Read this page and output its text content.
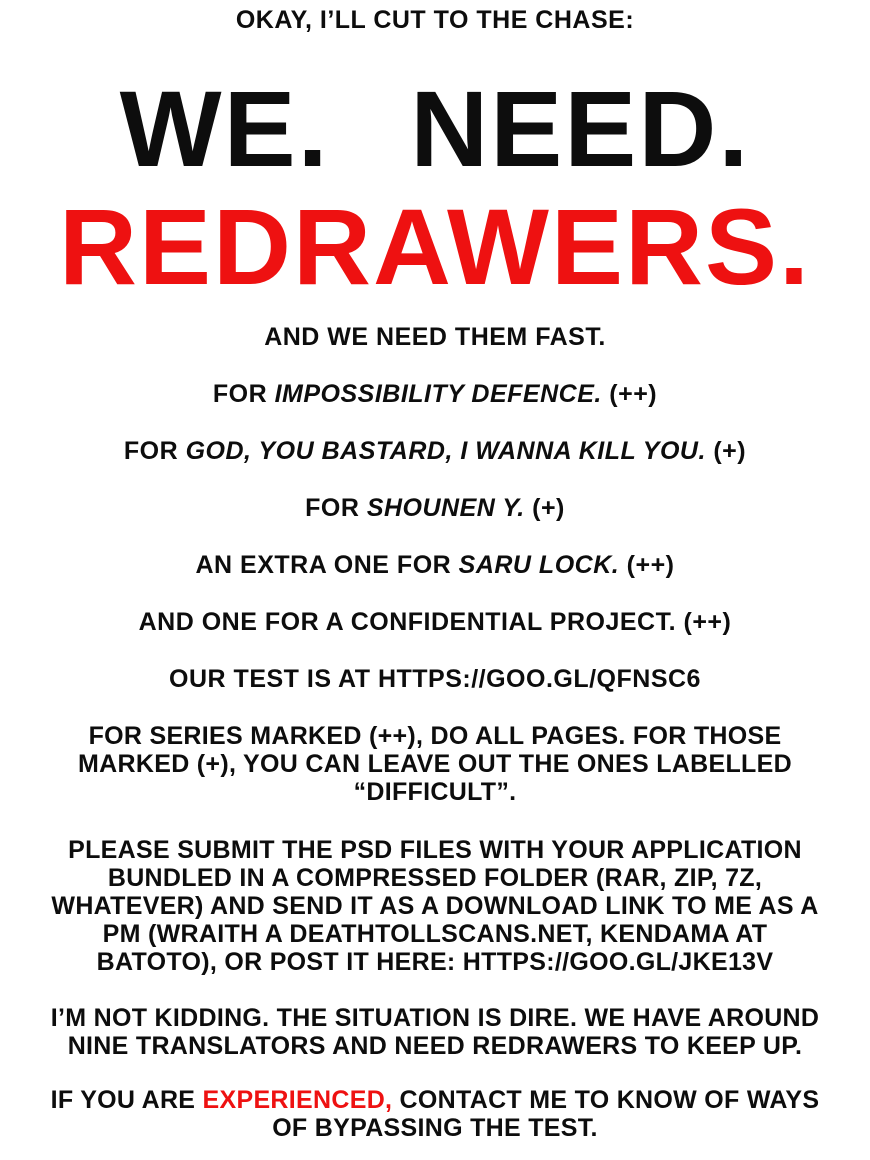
OKAY, I’LL CUT TO THE CHASE:
WE. NEED.
REDRAWERS.
AND WE NEED THEM FAST.
FOR IMPOSSIBILITY DEFENCE. (++)
FOR GOD, YOU BASTARD, I WANNA KILL YOU. (+)
FOR SHOUNEN Y. (+)
AN EXTRA ONE FOR SARU LOCK. (++)
AND ONE FOR A CONFIDENTIAL PROJECT. (++)
OUR TEST IS AT HTTPS://GOO.GL/QFNSC6
FOR SERIES MARKED (++), DO ALL PAGES. FOR THOSE
MARKED (+), YOU CAN LEAVE OUT THE ONES LABELLED
“DIFFICULT”.
PLEASE SUBMIT THE PSD FILES WITH YOUR APPLICATION
BUNDLED IN A COMPRESSED FOLDER (RAR, ZIP, 7Z,
WHATEVER) AND SEND IT AS A DOWNLOAD LINK TO ME AS A
PM (WRAITH A DEATHTOLLSCANS.NET, KENDAMA AT
BATOTO), OR POST IT HERE: HTTPS://GOO.GL/JKE13V
I’M NOT KIDDING. THE SITUATION IS DIRE. WE HAVE AROUND
NINE TRANSLATORS AND NEED REDRAWERS TO KEEP UP.
IF YOU ARE EXPERIENCED, CONTACT ME TO KNOW OF WAYS
OF BYPASSING THE TEST.
